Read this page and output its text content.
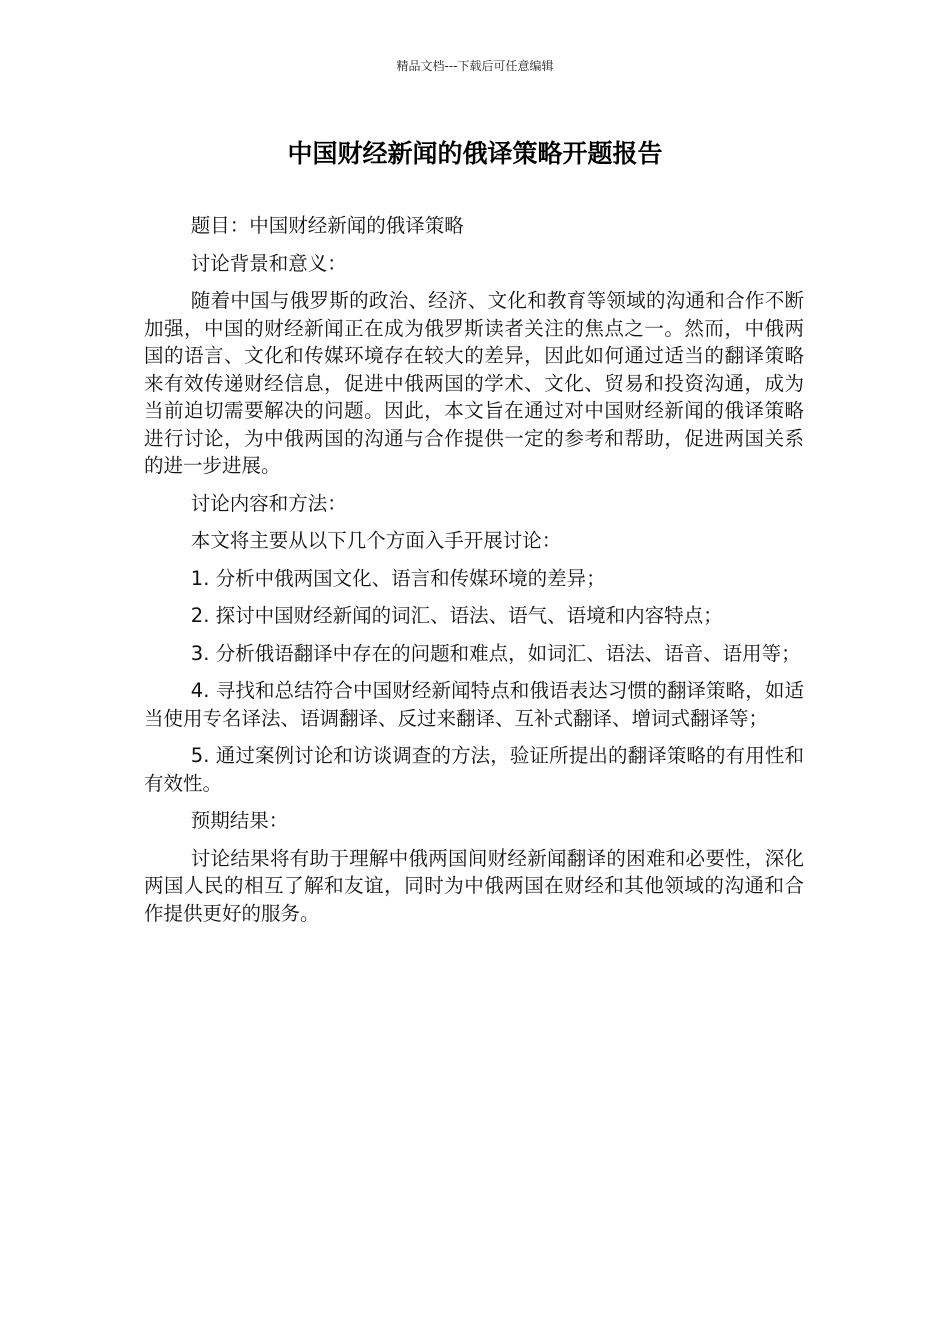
精品文档---下载后可任意编辑
中国财经新闻的俄译策略开题报告

题目：中国财经新闻的俄译策略

讨论背景和意义：

随着中国与俄罗斯的政治、经济、文化和教育等领域的沟通和合作不断加强，中国的财经新闻正在成为俄罗斯读者关注的焦点之一。然而，中俄两国的语言、文化和传媒环境存在较大的差异，因此如何通过适当的翻译策略来有效传递财经信息，促进中俄两国的学术、文化、贸易和投资沟通，成为当前迫切需要解决的问题。因此，本文旨在通过对中国财经新闻的俄译策略进行讨论，为中俄两国的沟通与合作提供一定的参考和帮助，促进两国关系的进一步进展。

讨论内容和方法：

本文将主要从以下几个方面入手开展讨论：

1. 分析中俄两国文化、语言和传媒环境的差异；

2. 探讨中国财经新闻的词汇、语法、语气、语境和内容特点；

3. 分析俄语翻译中存在的问题和难点，如词汇、语法、语音、语用等；

4. 寻找和总结符合中国财经新闻特点和俄语表达习惯的翻译策略，如适当使用专名译法、语调翻译、反过来翻译、互补式翻译、增词式翻译等；

5. 通过案例讨论和访谈调查的方法，验证所提出的翻译策略的有用性和有效性。

预期结果：

讨论结果将有助于理解中俄两国间财经新闻翻译的困难和必要性，深化两国人民的相互了解和友谊，同时为中俄两国在财经和其他领域的沟通和合作提供更好的服务。
